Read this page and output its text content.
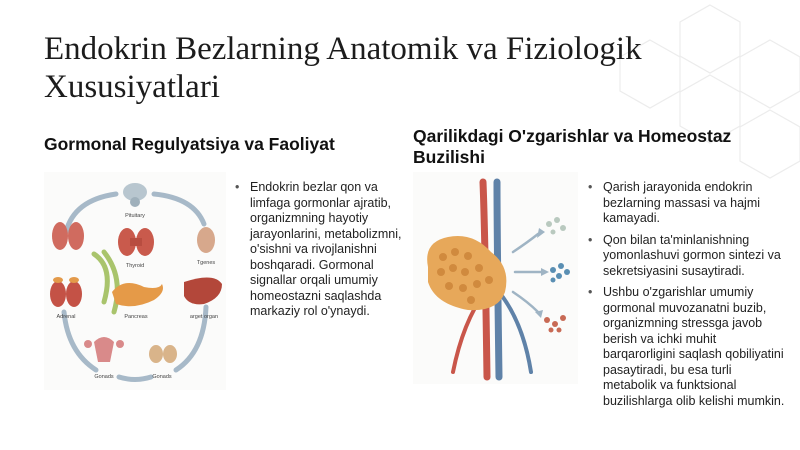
Endokrin Bezlarning Anatomik va Fiziologik Xususiyatlari
Gormonal Regulyatsiya va Faoliyat	Qarilikdagi O'zgarishlar va Homeostaz Buzilishi
Pituitary
Thyroid	Tgenes
Adrenal	Pancreas	arget organ
Gonads	Gonads
• Endokrin bezlar qon va limfaga gormonlar ajratib, organizmning hayotiy jarayonlarini, metabolizmni, o'sishni va rivojlanishni boshqaradi. Gormonal signallar orqali umumiy homeostazni saqlashda markaziy rol o'ynaydi.
• Qarish jarayonida endokrin bezlarning massasi va hajmi kamayadi.
• Qon bilan ta'minlanishning yomonlashuvi gormon sintezi va sekretsiyasini susaytiradi.
• Ushbu o'zgarishlar umumiy gormonal muvozanatni buzib, organizmning stressga javob berish va ichki muhit barqarorligini saqlash qobiliyatini pasaytiradi, bu esa turli metabolik va funktsional buzilishlarga olib kelishi mumkin.
